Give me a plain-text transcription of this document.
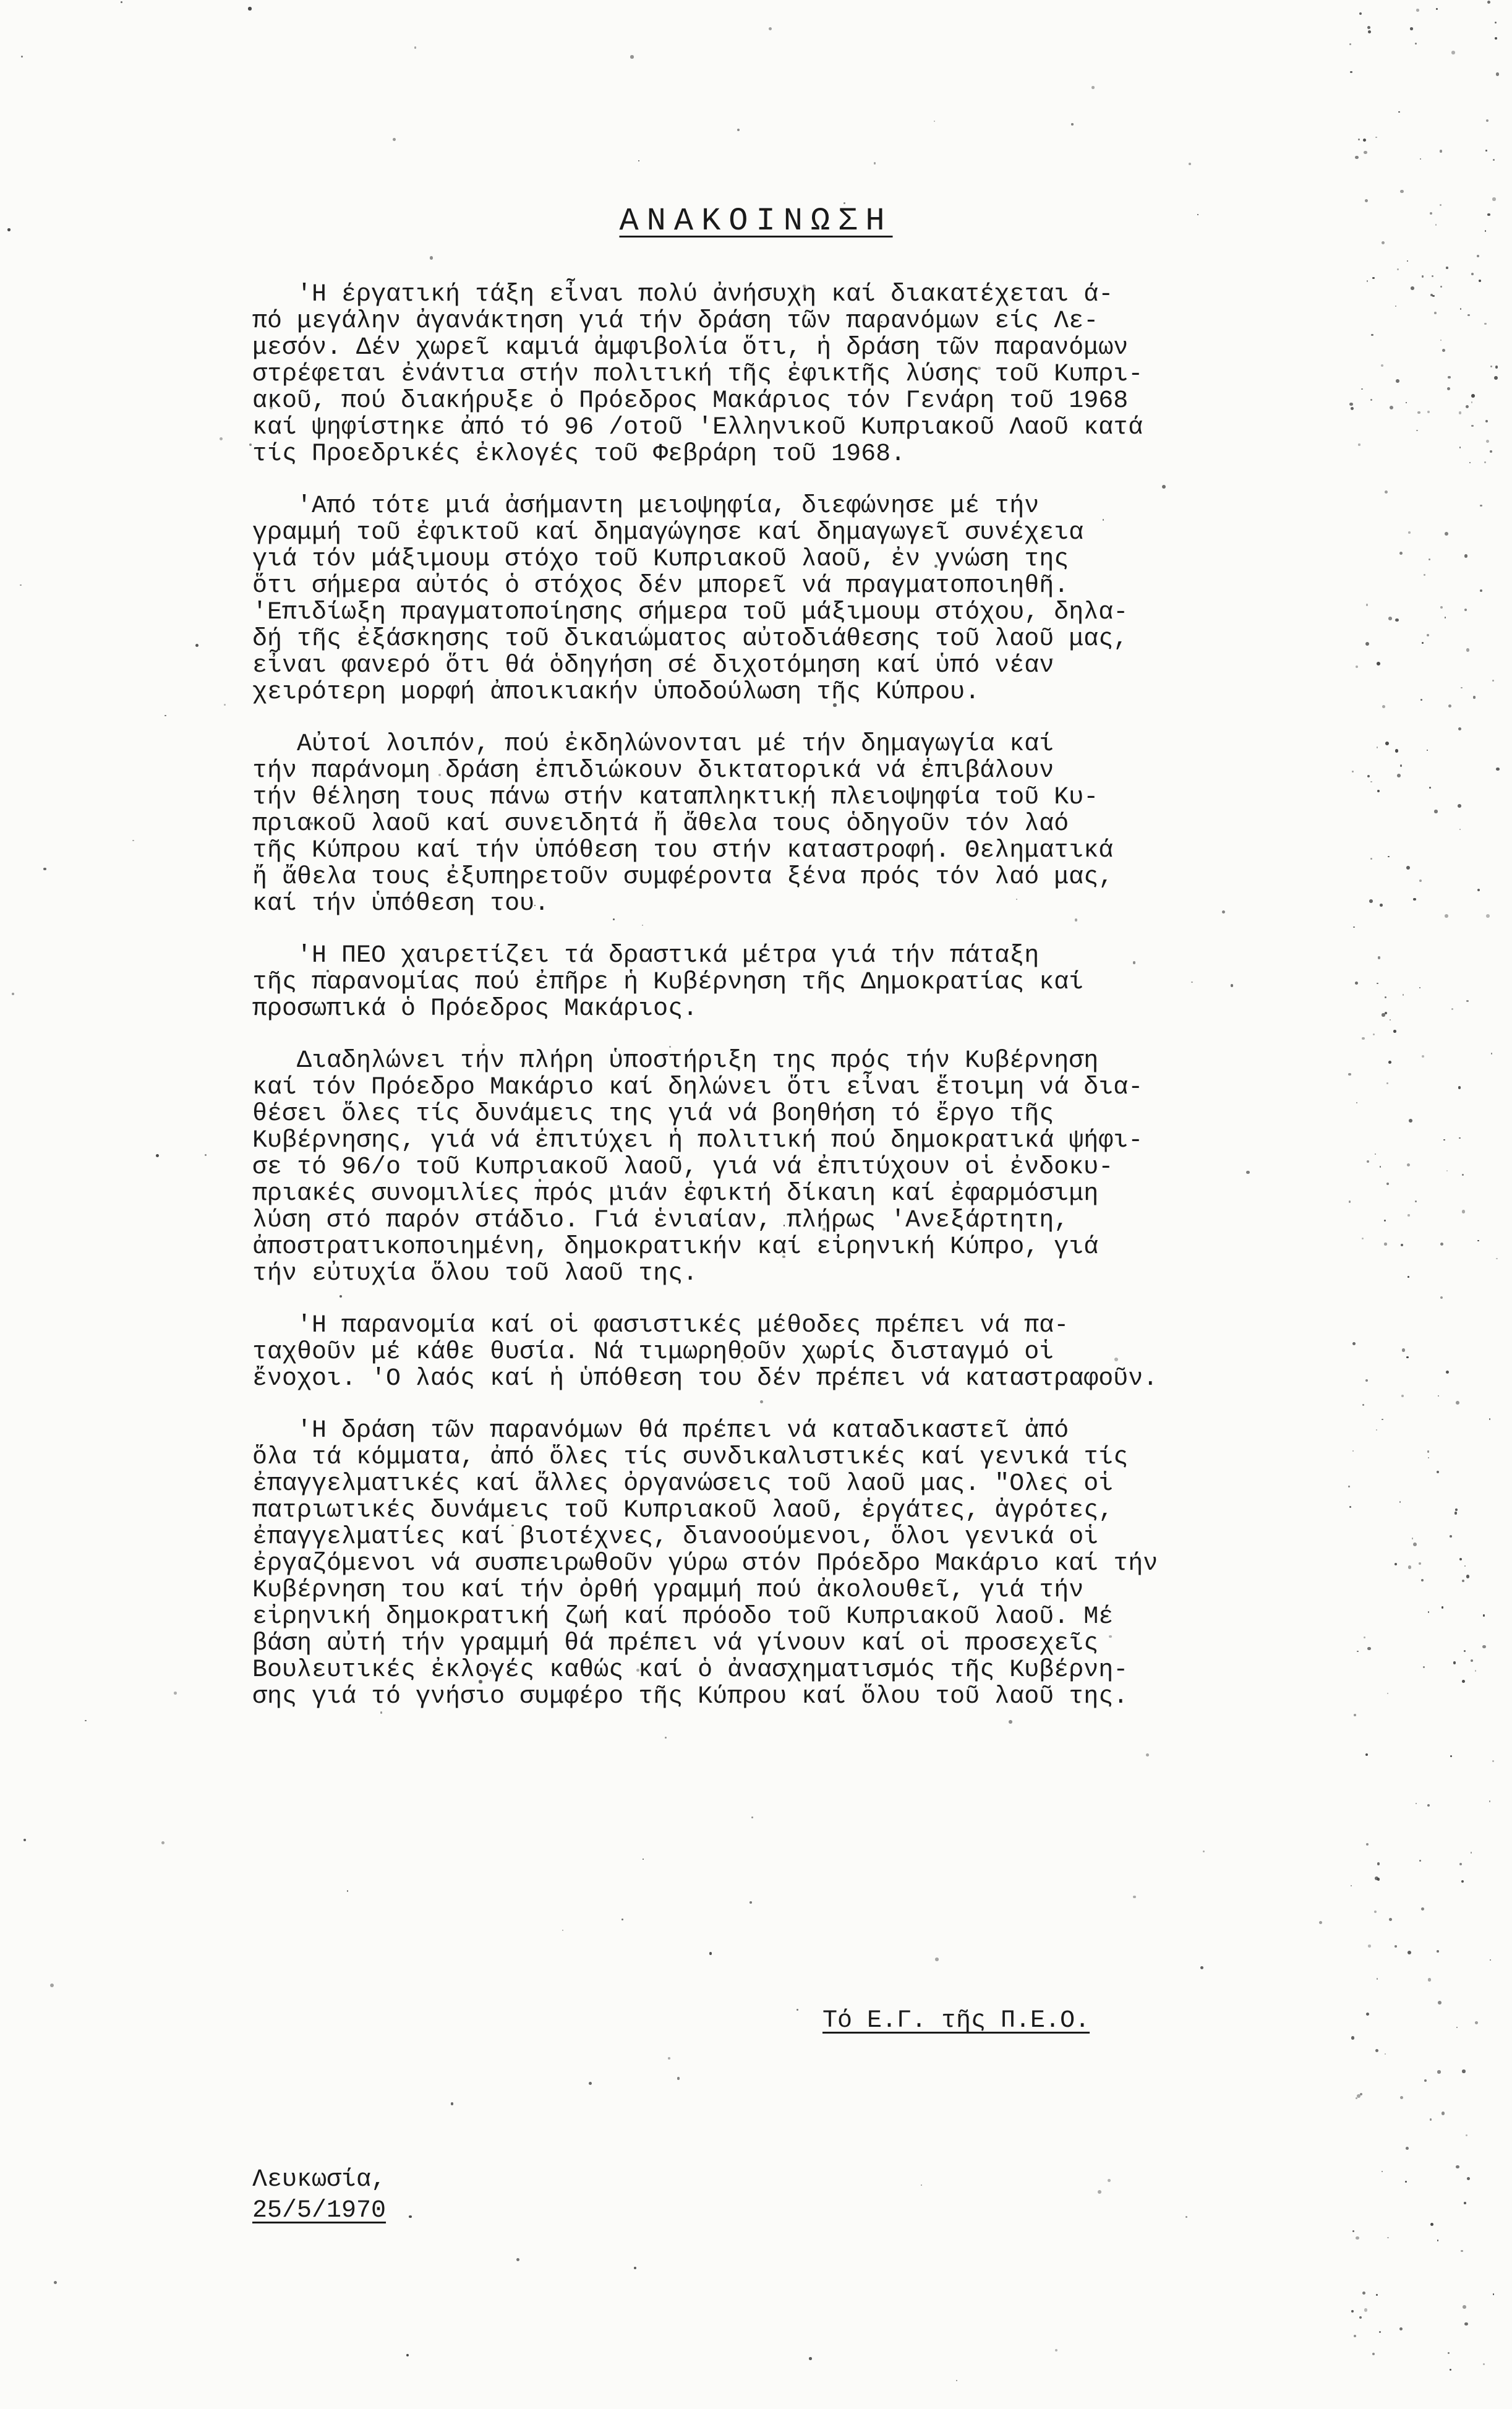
ΑΝΑΚΟΙΝΩΣΗ
'Η έργατική τάξη εἶναι πολύ ἀνήσυχη καί διακατέχεται ά-
πό μεγάλην ἀγανάκτηση γιά τήν δράση τῶν παρανόμων είς Λε-
μεσόν. Δέν χωρεῖ καμιά ἀμφιβολία ὅτι, ἡ δράση τῶν παρανόμων
στρέφεται ἐνάντια στήν πολιτική τῆς ἐφικτῆς λύσης τοῦ Κυπρι-
ακοῦ, πού διακήρυξε ὁ Πρόεδρος Μακάριος τόν Γενάρη τοῦ 1968
καί ψηφίστηκε ἀπό τό 96 /οτοῦ 'Ελληνικοῦ Κυπριακοῦ Λαοῦ κατά
τίς Προεδρικές ἐκλογές τοῦ Φεβράρη τοῦ 1968.
'Από τότε μιά ἀσήμαντη μειοψηφία, διεφώνησε μέ τήν
γραμμή τοῦ ἐφικτοῦ καί δημαγώγησε καί δημαγωγεῖ συνέχεια
γιά τόν μάξιμουμ στόχο τοῦ Κυπριακοῦ λαοῦ, ἐν γνώση της
ὅτι σήμερα αὐτός ὁ στόχος δέν μπορεῖ νά πραγματοποιηθῆ.
'Επιδίωξη πραγματοποίησης σήμερα τοῦ μάξιμουμ στόχου, δηλα-
δή τῆς ἐξάσκησης τοῦ δικαιώματος αὐτοδιάθεσης τοῦ λαοῦ μας,
εἶναι φανερό ὅτι θά ὁδηγήση σέ διχοτόμηση καί ὑπό νέαν
χειρότερη μορφή ἀποικιακήν ὑποδούλωση τῆς Κύπρου.
Αὐτοί λοιπόν, πού ἐκδηλώνονται μέ τήν δημαγωγία καί
τήν παράνομη δράση ἐπιδιώκουν δικτατορικά νά ἐπιβάλουν
τήν θέληση τους πάνω στήν καταπληκτική πλειοψηφία τοῦ Κυ-
πριακοῦ λαοῦ καί συνειδητά ἤ ἄθελα τους ὁδηγοῦν τόν λαό
τῆς Κύπρου καί τήν ὑπόθεση του στήν καταστροφή. Θεληματικά
ἤ ἄθελα τους ἐξυπηρετοῦν συμφέροντα ξένα πρός τόν λαό μας,
καί τήν ὑπόθεση του.
'Η ΠΕΟ χαιρετίζει τά δραστικά μέτρα γιά τήν πάταξη
τῆς παρανομίας πού ἐπῆρε ἡ Κυβέρνηση τῆς Δημοκρατίας καί
προσωπικά ὁ Πρόεδρος Μακάριος.
Διαδηλώνει τήν πλήρη ὑποστήριξη της πρός τήν Κυβέρνηση
καί τόν Πρόεδρο Μακάριο καί δηλώνει ὅτι εἶναι ἕτοιμη νά δια-
θέσει ὅλες τίς δυνάμεις της γιά νά βοηθήση τό ἔργο τῆς
Κυβέρνησης, γιά νά ἐπιτύχει ἡ πολιτική πού δημοκρατικά ψήφι-
σε τό 96/ο τοῦ Κυπριακοῦ λαοῦ, γιά νά ἐπιτύχουν οἱ ἐνδοκυ-
πριακές συνομιλίες πρός μιάν ἐφικτή δίκαιη καί ἐφαρμόσιμη
λύση στό παρόν στάδιο. Γιά ἑνιαίαν, πλήρως 'Ανεξάρτητη,
ἀποστρατικοποιημένη, δημοκρατικήν καί εἰρηνική Κύπρο, γιά
τήν εὐτυχία ὅλου τοῦ λαοῦ της.
'Η παρανομία καί οἱ φασιστικές μέθοδες πρέπει νά πα-
ταχθοῦν μέ κάθε θυσία. Νά τιμωρηθοῦν χωρίς δισταγμό οἱ
ἔνοχοι. 'Ο λαός καί ἡ ὑπόθεση του δέν πρέπει νά καταστραφοῦν.
'Η δράση τῶν παρανόμων θά πρέπει νά καταδικαστεῖ ἀπό
ὅλα τά κόμματα, ἀπό ὅλες τίς συνδικαλιστικές καί γενικά τίς
ἐπαγγελματικές καί ἄλλες ὀργανώσεις τοῦ λαοῦ μας. "Ολες οἱ
πατριωτικές δυνάμεις τοῦ Κυπριακοῦ λαοῦ, ἐργάτες, ἀγρότες,
ἐπαγγελματίες καί βιοτέχνες, διανοούμενοι, ὅλοι γενικά οἱ
ἐργαζόμενοι νά συσπειρωθοῦν γύρω στόν Πρόεδρο Μακάριο καί τήν
Κυβέρνηση του καί τήν ὀρθή γραμμή πού ἀκολουθεῖ, γιά τήν
εἰρηνική δημοκρατική ζωή καί πρόοδο τοῦ Κυπριακοῦ λαοῦ. Μέ
βάση αὐτή τήν γραμμή θά πρέπει νά γίνουν καί οἱ προσεχεῖς
Βουλευτικές ἐκλογές καθώς καί ὁ ἀνασχηματισμός τῆς Κυβέρνη-
σης γιά τό γνήσιο συμφέρο τῆς Κύπρου καί ὅλου τοῦ λαοῦ της.
Τό Ε.Γ. τῆς Π.Ε.Ο.
Λευκωσία,
25/5/1970
